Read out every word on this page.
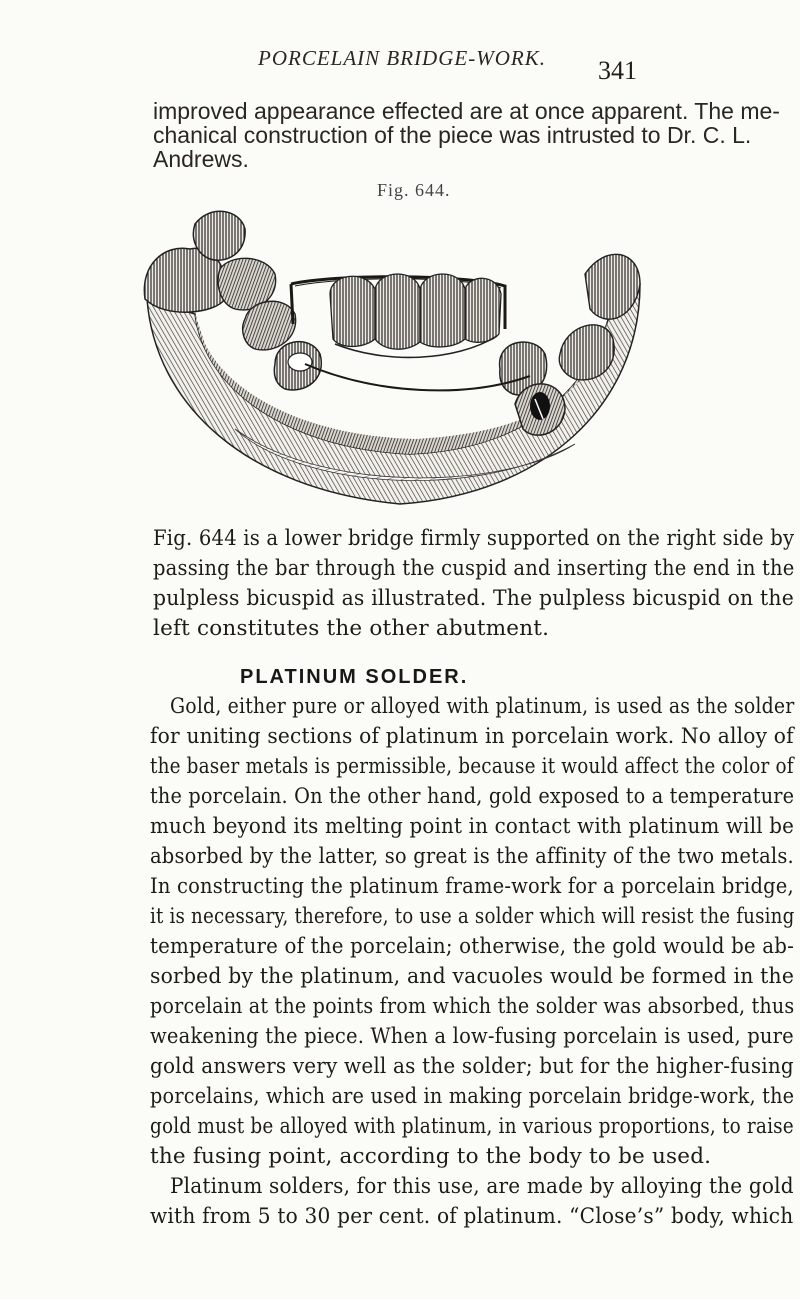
PORCELAIN BRIDGE-WORK. 341
improved appearance effected are at once apparent. The me-
chanical construction of the piece was intrusted to Dr. C. L.
Andrews.
Fig. 644.
Fig. 644 is a lower bridge firmly supported on the right side by
passing the bar through the cuspid and inserting the end in the
pulpless bicuspid as illustrated. The pulpless bicuspid on the
left constitutes the other abutment.
PLATINUM SOLDER.
Gold, either pure or alloyed with platinum, is used as the solder
for uniting sections of platinum in porcelain work. No alloy of
the baser metals is permissible, because it would affect the color of
the porcelain. On the other hand, gold exposed to a temperature
much beyond its melting point in contact with platinum will be
absorbed by the latter, so great is the affinity of the two metals.
In constructing the platinum frame-work for a porcelain bridge,
it is necessary, therefore, to use a solder which will resist the fusing
temperature of the porcelain; otherwise, the gold would be ab-
sorbed by the platinum, and vacuoles would be formed in the
porcelain at the points from which the solder was absorbed, thus
weakening the piece. When a low-fusing porcelain is used, pure
gold answers very well as the solder; but for the higher-fusing
porcelains, which are used in making porcelain bridge-work, the
gold must be alloyed with platinum, in various proportions, to raise
the fusing point, according to the body to be used.
Platinum solders, for this use, are made by alloying the gold
with from 5 to 30 per cent. of platinum. “Close’s” body, which
